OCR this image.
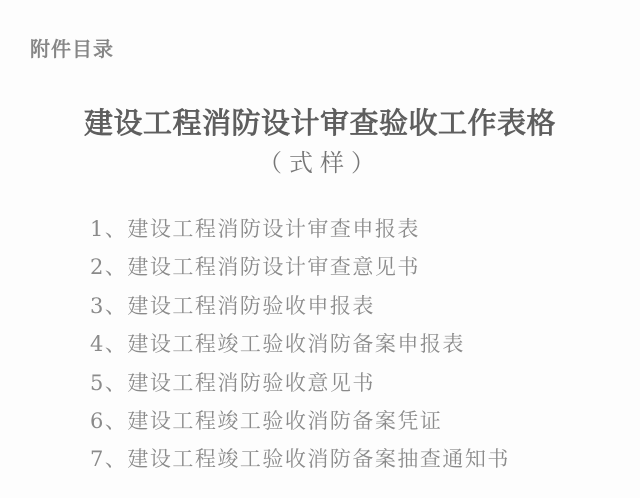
附件目录
建设工程消防设计审查验收工作表格
（式样）
1、建设工程消防设计审查申报表
2、建设工程消防设计审查意见书
3、建设工程消防验收申报表
4、建设工程竣工验收消防备案申报表
5、建设工程消防验收意见书
6、建设工程竣工验收消防备案凭证
7、建设工程竣工验收消防备案抽查通知书
